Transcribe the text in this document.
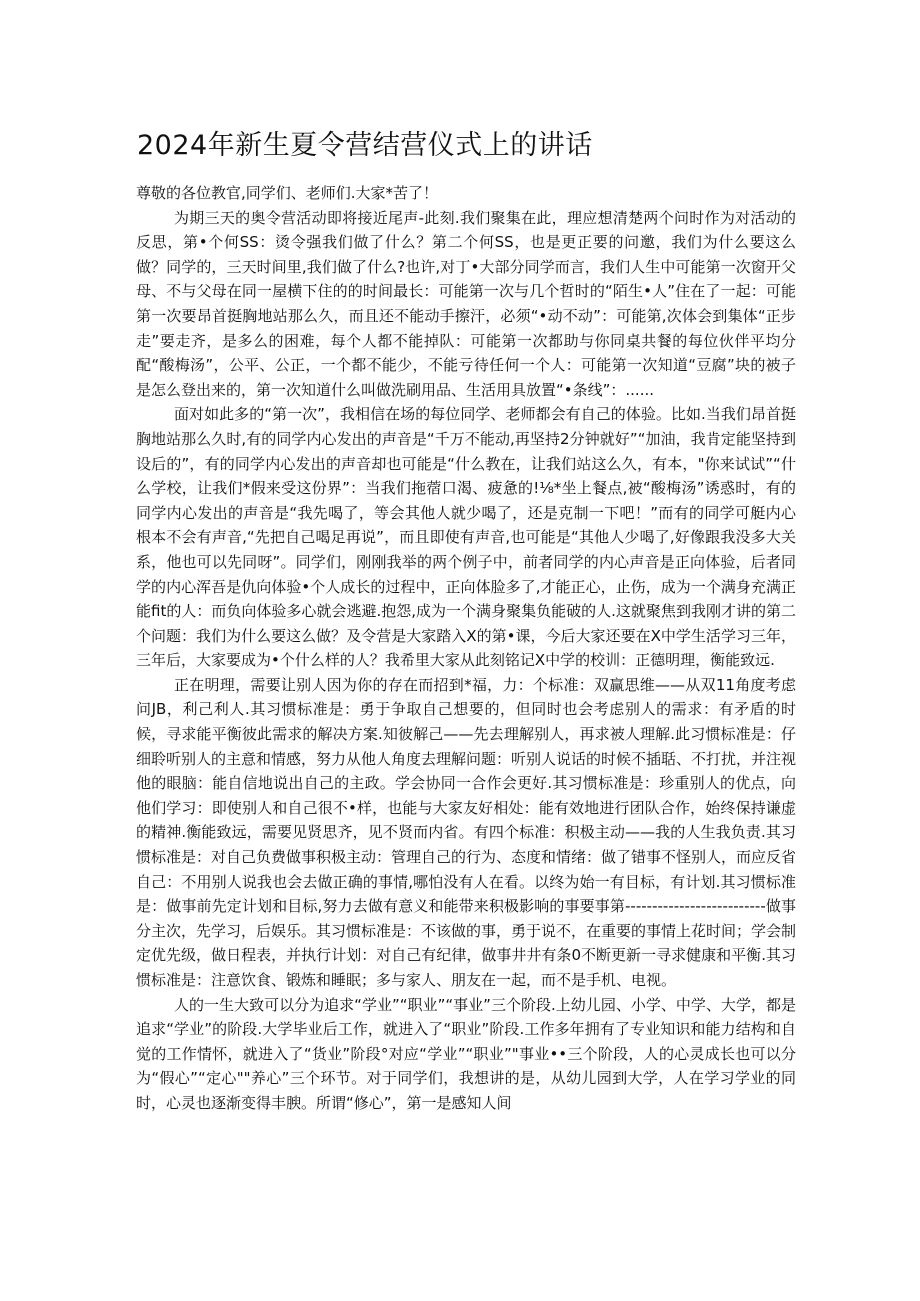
2024年新生夏令营结营仪式上的讲话

尊敬的各位教官,同学们、老师们.大家*苦了！

为期三天的奥令营活动即将接近尾声-此刻.我们聚集在此，理应想清楚两个问时作为对活动的反思，第•个何SS：烫令强我们做了什么？第二个何SS，也是更正要的问邀，我们为什么要这么做？同学的，三天时间里,我们做了什么?也许,对丁•大部分同学而言，我们人生中可能第一次窗开父母、不与父母在同一屋横下住的的时间最长：可能第一次与几个哲时的“陌生•人”住在了一起：可能第一次要昂首挺胸地站那么久，而且还不能动手擦汗，必须“•动不动”：可能第,次体会到集体“正步走”要走齐，是多么的困难，每个人都不能掉队：可能第一次都助与你同桌共餐的每位伙伴平均分配“酸梅汤”，公平、公正，一个都不能少，不能亏待任何一个人：可能第一次知道“豆腐”块的被子是怎么登出来的，第一次知道什么叫做洗刷用品、生活用具放置“•条线”：......

面对如此多的“第一次”，我相信在场的每位同学、老师都会有自己的体验。比如.当我们昂首挺胸地站那么久时,有的同学内心发出的声音是“千万不能动,再坚持2分钟就好”“加油，我肯定能坚持到设后的”，有的同学内心发出的声音却也可能是“什么教在，让我们站这么久，有本，"你来试试”“什么学校，让我们*假来受这份界”：当我们拖蓿口渴、疲惫的!⅛*坐上餐点,被“酸梅汤”诱惑时，有的同学内心发出的声音是“我先喝了，等会其他人就少喝了，还是克制一下吧！”而有的同学可艇内心根本不会有声音,“先把自己喝足再说”，而且即使有声音,也可能是“其他人少喝了,好像跟我没多大关系，他也可以先同呀”。同学们，刚刚我举的两个例子中，前者同学的内心声音是正向体验，后者同学的内心浑吾是仇向体验•个人成长的过程中，正向体脸多了,才能正心，止伤，成为一个满身充满正能fit的人：而负向体验多心就会逃避.抱怨,成为一个满身聚集负能破的人.这就聚焦到我刚才讲的第二个问题：我们为什么要这么做？及令营是大家踏入X的第•课，今后大家还要在X中学生活学习三年，三年后，大家要成为•个什么样的人？我希里大家从此刻铭记X中学的校训：正德明理，衡能致远.

正在明理，需要让别人因为你的存在而招到*福，力：个标准：双赢思维——从双11角度考虑问JB，利己利人.其习惯标准是：勇于争取自己想要的，但同时也会考虑别人的需求：有矛盾的时候，寻求能平衡彼此需求的解决方案.知彼解己——先去理解别人，再求被人理解.此习惯标准是：仔细聆听别人的主意和情感，努力从他人角度去理解问题：听别人说话的时候不插聒、不打扰，并注视他的眼脑：能自信地说出自己的主政。学会协同一合作会更好.其习惯标准是：珍重别人的优点，向他们学习：即使别人和自己很不•样，也能与大家友好相处：能有效地进行团队合作，始终保持谦虚的精神.衡能致远，需要见贤思齐，见不贤而内省。有四个标准：积极主动——我的人生我负责.其习惯标准是：对自己负费做事积极主动：管理自己的行为、态度和情绪：做了错事不怪别人，而应反省自己：不用别人说我也会去做正确的事情,哪怕没有人在看。以终为始一有目标，有计划.其习惯标准是：做事前先定计划和目标,努力去做有意义和能带来积极影响的事要事第--------------------------做事分主次，先学习，后娱乐。其习惯标准是：不该做的事，勇于说不，在重要的事情上花时间；学会制定优先级，做日程表，并执行计划：对自己有纪律，做事井井有条0不断更新一寻求健康和平衡.其习惯标准是：注意饮食、锻炼和睡眠；多与家人、朋友在一起，而不是手机、电视。

人的一生大致可以分为追求“学业”“职业”“事业”三个阶段.上幼儿园、小学、中学、大学，都是追求“学业”的阶段.大学毕业后工作，就进入了“职业”阶段.工作多年拥有了专业知识和能力结构和自觉的工作情怀，就进入了“货业”阶段°对应“学业”“职业”"事业••三个阶段，人的心灵成长也可以分为“假心”“定心""养心”三个环节。对于同学们，我想讲的是，从幼儿园到大学，人在学习学业的同时，心灵也逐渐变得丰腴。所谓“修心”，第一是感知人间
